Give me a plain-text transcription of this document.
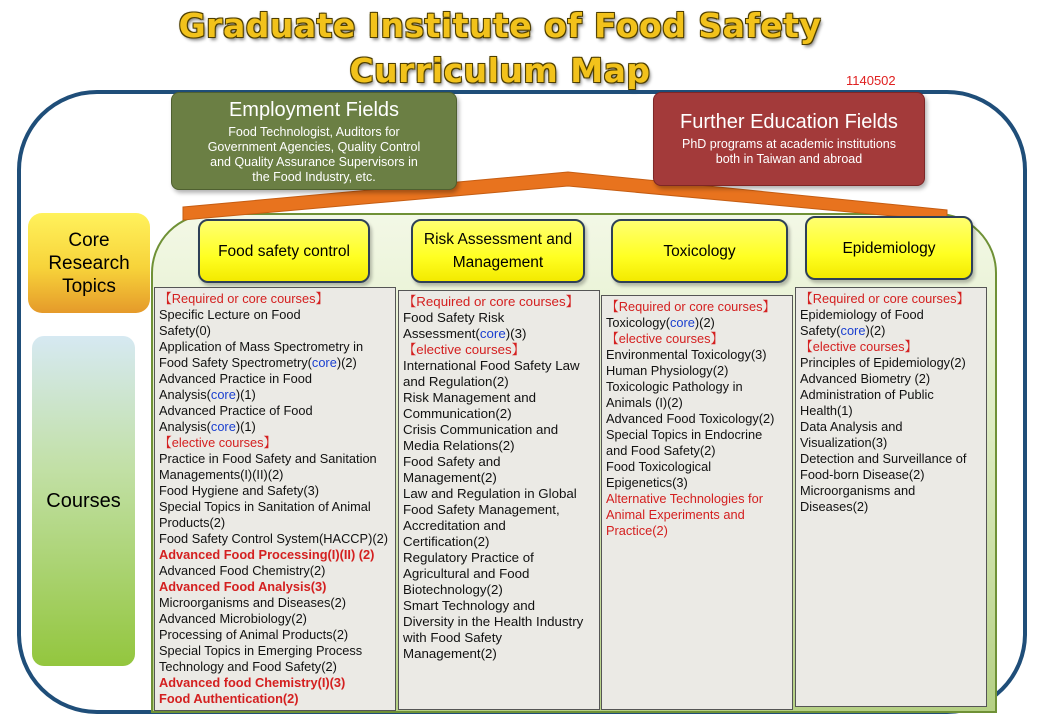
Graduate Institute of Food Safety
Curriculum Map	1140502
Employment Fields
Food Technologist, Auditors for
Government Agencies, Quality Control
and Quality Assurance Supervisors in
the Food Industry, etc.
Further Education Fields
PhD programs at academic institutions
both in Taiwan and abroad
Core
Research
Topics
Courses
Food safety control
Risk Assessment and Management
Toxicology	Epidemiology
【Required or core courses】
Specific Lecture on Food
Safety(0)
Application of Mass Spectrometry in
Food Safety Spectrometry(core)(2)
Advanced Practice in Food
Analysis(core)(1)
Advanced Practice of Food
Analysis(core)(1)
【elective courses】
Practice in Food Safety and Sanitation
Managements(I)(II)(2)
Food Hygiene and Safety(3)
Special Topics in Sanitation of Animal
Products(2)
Food Safety Control System(HACCP)(2)
Advanced Food Processing(I)(II) (2)
Advanced Food Chemistry(2)
Advanced Food Analysis(3)
Microorganisms and Diseases(2)
Advanced Microbiology(2)
Processing of Animal Products(2)
Special Topics in Emerging Process
Technology and Food Safety(2)
Advanced food Chemistry(I)(3)
Food Authentication(2)
【Required or core courses】
Food Safety Risk
Assessment(core)(3)
【elective courses】
International Food Safety Law
and Regulation(2)
Risk Management and
Communication(2)
Crisis Communication and
Media Relations(2)
Food Safety and
Management(2)
Law and Regulation in Global
Food Safety Management,
Accreditation and
Certification(2)
Regulatory Practice of
Agricultural and Food
Biotechnology(2)
Smart Technology and
Diversity in the Health Industry
with Food Safety
Management(2)
【Required or core courses】
Toxicology(core)(2)
【elective courses】
Environmental Toxicology(3)
Human Physiology(2)
Toxicologic Pathology in
Animals (I)(2)
Advanced Food Toxicology(2)
Special Topics in Endocrine
and Food Safety(2)
Food Toxicological
Epigenetics(3)
Alternative Technologies for
Animal Experiments and
Practice(2)
【Required or core courses】
Epidemiology of Food
Safety(core)(2)
【elective courses】
Principles of Epidemiology(2)
Advanced Biometry (2)
Administration of Public
Health(1)
Data Analysis and
Visualization(3)
Detection and Surveillance of
Food-born Disease(2)
Microorganisms and
Diseases(2)
